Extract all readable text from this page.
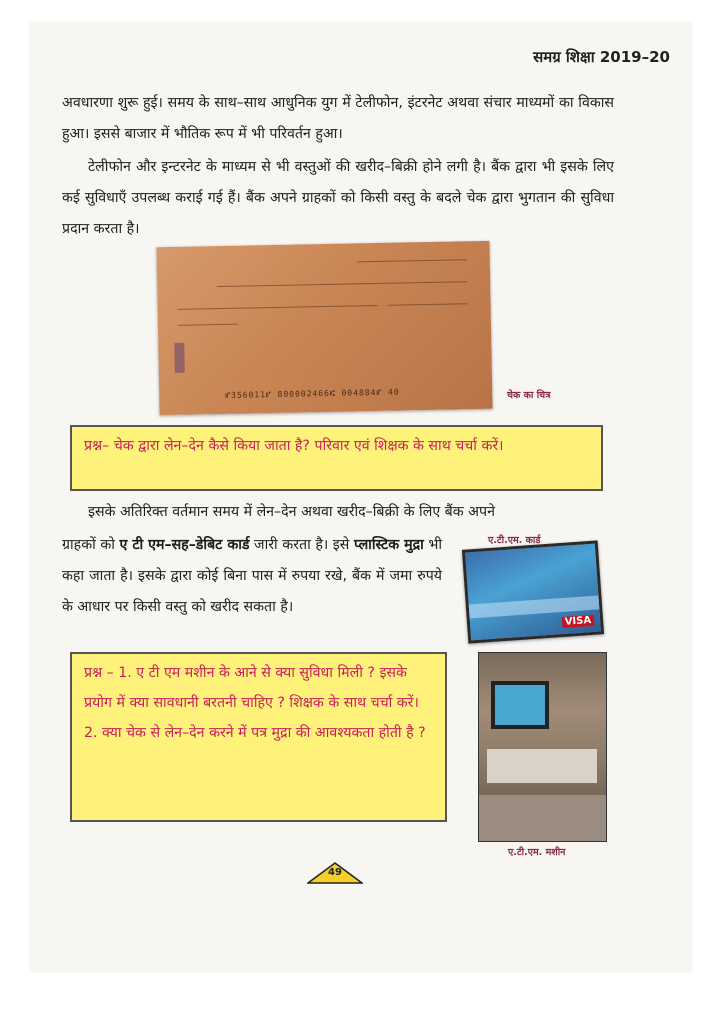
समग्र शिक्षा 2019–20

अवधारणा शुरू हुई। समय के साथ–साथ आधुनिक युग में टेलीफोन, इंटरनेट अथवा संचार माध्यमों का विकास हुआ। इससे बाजार में भौतिक रूप में भी परिवर्तन हुआ।

टेलीफोन और इन्टरनेट के माध्यम से भी वस्तुओं की खरीद–बिक्री होने लगी है। बैंक द्वारा भी इसके लिए कई सुविधाएँ उपलब्ध कराई गई हैं। बैंक अपने ग्राहकों को किसी वस्तु के बदले चेक द्वारा भुगतान की सुविधा प्रदान करता है।

⑈356011⑈ 800002466⑆ 004884⑈ 40	चेक का चित्र

प्रश्न– चेक द्वारा लेन–देन कैसे किया जाता है? परिवार एवं शिक्षक के साथ चर्चा करें।

इसके अतिरिक्त वर्तमान समय में लेन–देन अथवा खरीद–बिक्री के लिए बैंक अपने

ग्राहकों को ए टी एम–सह–डेबिट कार्ड जारी करता है। इसे प्लास्टिक मुद्रा भी कहा जाता है। इसके द्वारा कोई बिना पास में रुपया रखे, बैंक में जमा रुपये के आधार पर किसी वस्तु को खरीद सकता है।

ए.टी.एम. कार्ड
VISA

प्रश्न – 1. ए टी एम मशीन के आने से क्या सुविधा मिली ? इसके प्रयोग में क्या सावधानी बरतनी चाहिए ? शिक्षक के साथ चर्चा करें।

2. क्या चेक से लेन–देन करने में पत्र मुद्रा की आवश्यकता होती है ?

ए.टी.एम. मशीन
49
